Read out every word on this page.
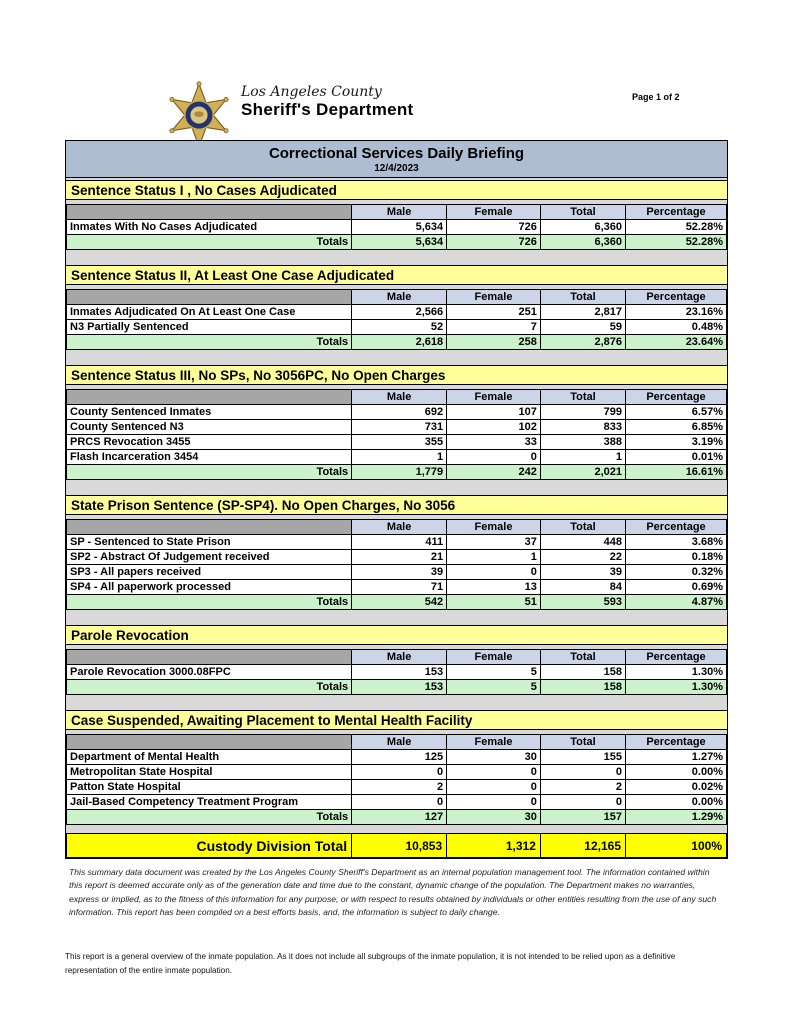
Los Angeles County
Sheriff's Department
Page 1 of 2
Correctional Services Daily Briefing
12/4/2023
Sentence Status I , No Cases Adjudicated
	Male	Female	Total	Percentage
Inmates With No Cases Adjudicated	5,634	726	6,360	52.28%
Totals	5,634	726	6,360	52.28%
Sentence Status II, At Least One Case Adjudicated
	Male	Female	Total	Percentage
Inmates Adjudicated On At Least One Case	2,566	251	2,817	23.16%
N3 Partially Sentenced	52	7	59	0.48%
Totals	2,618	258	2,876	23.64%
Sentence Status III, No SPs, No 3056PC, No Open Charges
	Male	Female	Total	Percentage
County Sentenced Inmates	692	107	799	6.57%
County Sentenced N3	731	102	833	6.85%
PRCS Revocation 3455	355	33	388	3.19%
Flash Incarceration 3454	1	0	1	0.01%
Totals	1,779	242	2,021	16.61%
State Prison Sentence (SP-SP4). No Open Charges, No 3056
	Male	Female	Total	Percentage
SP - Sentenced to State Prison	411	37	448	3.68%
SP2 - Abstract Of Judgement received	21	1	22	0.18%
SP3 - All papers received	39	0	39	0.32%
SP4 - All paperwork processed	71	13	84	0.69%
Totals	542	51	593	4.87%
Parole Revocation
	Male	Female	Total	Percentage
Parole Revocation 3000.08FPC	153	5	158	1.30%
Totals	153	5	158	1.30%
Case Suspended, Awaiting Placement to Mental Health Facility
	Male	Female	Total	Percentage
Department of Mental Health	125	30	155	1.27%
Metropolitan State Hospital	0	0	0	0.00%
Patton State Hospital	2	0	2	0.02%
Jail-Based Competency Treatment Program	0	0	0	0.00%
Totals	127	30	157	1.29%
Custody Division Total	10,853	1,312	12,165	100%
This summary data document was created by the Los Angeles County Sheriff's Department as an internal population management tool. The information contained within this report is deemed accurate only as of the generation date and time due to the constant, dynamic change of the population. The Department makes no warranties, express or implied, as to the fitness of this information for any purpose, or with respect to results obtained by individuals or other entities resulting from the use of any such information. This report has been compiled on a best efforts basis, and, the information is subject to daily change.
This report is a general overview of the inmate population. As it does not include all subgroups of the inmate population, it is not intended to be relied upon as a definitive representation of the entire inmate population.
